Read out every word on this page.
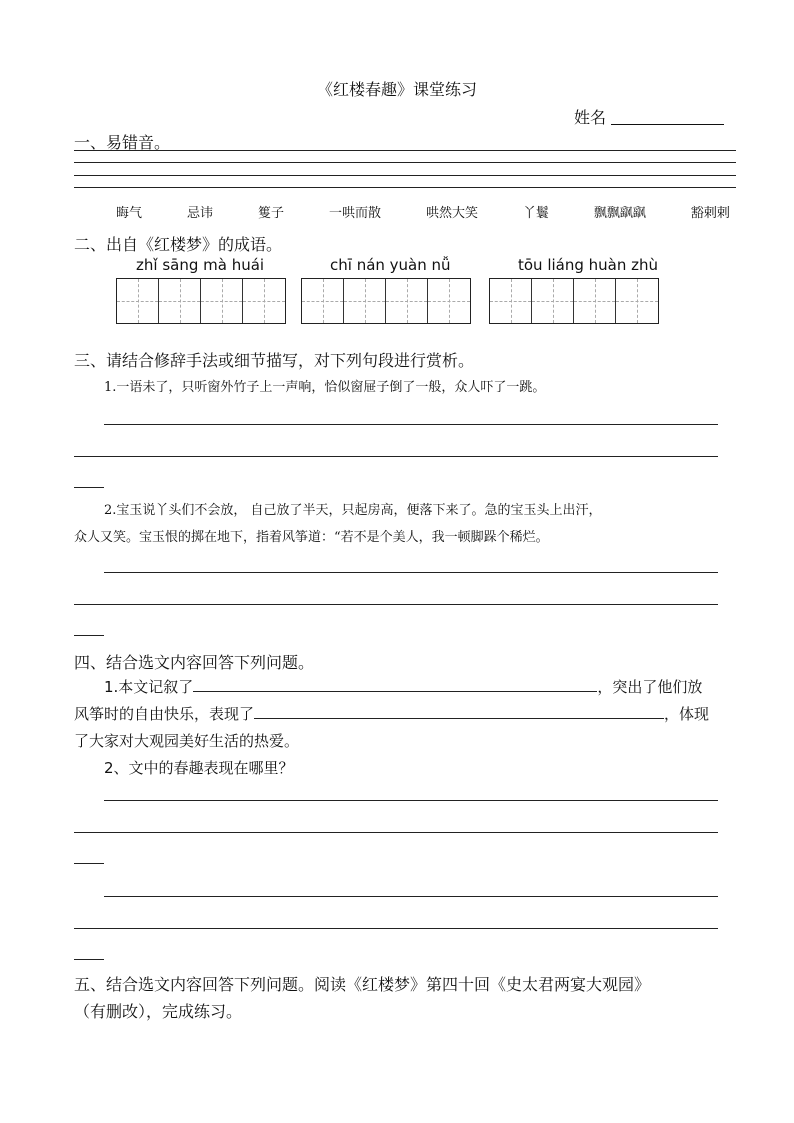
《红楼春趣》课堂练习
姓名
一、易错音。
晦气	忌讳	篗子	一哄而散	哄然大笑	丫鬟	飘飘飖飖	豁剌剌
二、出自《红楼梦》的成语。
zhǐ sāng mà huái	chī nán yuàn nǚ	tōu liáng huàn zhù
三、请结合修辞手法或细节描写，对下列句段进行赏析。
1.一语未了，只听窗外竹子上一声响，恰似窗屉子倒了一般，众人吓了一跳。
2.宝玉说丫头们不会放， 自己放了半天，只起房高，便落下来了。急的宝玉头上出汗，
众人又笑。宝玉恨的掷在地下，指着风筝道：“若不是个美人，我一顿脚跺个稀烂。
四、结合选文内容回答下列问题。
1.本文记叙了	，突出了他们放
风筝时的自由快乐，表现了	，体现
了大家对大观园美好生活的热爱。
2、文中的春趣表现在哪里？
五、结合选文内容回答下列问题。阅读《红楼梦》第四十回《史太君两宴大观园》
（有删改），完成练习。
